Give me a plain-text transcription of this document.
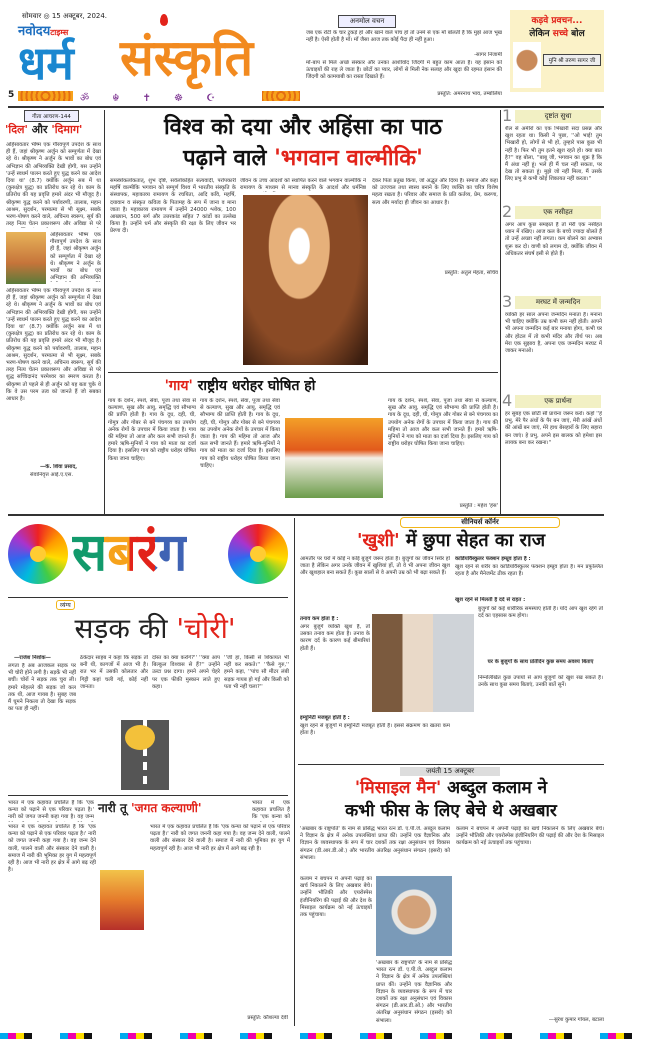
सोमवार ◎ 15 अक्टूबर, 2024.
नवोदयटाइम्स
धर्म संस्कृति
5	ॐ ☬ ✝ ☸ ☪
अनमोल वचन
जब एक रोटी के चार टुकड़े हों और खाने वाले पांच हों तो उनमें से एक माँ बोलती है कि मुझे आज भूख नहीं है। ऐसी होती है माँ। माँ जैसा आज तक कोई पैदा ही नहीं हुआ।
-सागर निजामी
माँ-बाप से मिले अच्छे संस्कार और उनका आशीर्वाद जिंदगी में बहुत काम आता है। यह इंसान को ऊंचाइयों की राह ले जाता है। छोटों का प्यार, लोगों से मिली नेक सलाह और खुदा की रहमत इंसान की जिंदगी को कामयाबी का रास्ता दिखाते हैं।
प्रस्तुति: अमरनाथ भाव, तम्बोलिया
कड़वे प्रवचन...
लेकिन सच्चे बोल
मुनि श्री तरुण सागर जी
गीता आचरण-144
'दिल' और 'दिमाग'
अहिंसावतार भीष्म एक गौरवपूर्ण उपदेश के साथ ही हैं, जहां श्रीकृष्ण अर्जुन को सम्पूर्णता में देखा रहे थे। श्रीकृष्ण ने अर्जुन के भावों का बोध एवं अभिज्ञान की अभिव्यक्ति देखी होगी, यस उन्होंने 'उन्हें स्वधर्म पालन करते हुए युद्ध करने का आदेश दिया था' (8.7) क्योंकि अर्जुन सब में था (कुरुक्षेत्र युद्ध) का प्रतिरोध कर रहे थे। काम के प्रतिरोध की यह प्रवृत्ति हमारे अंदर भी मौजूद है। श्रीकृष्ण युद्ध करने को पर्यावरणी, तालाब, महान आश्रम, सुदर्शन, परमात्मा से भी सूक्ष्म, सबके भरण-पोषण करने वाले, अचिन्त्य स्वरूप, सूर्य की तरह नित्य चेतन प्रकाशरूप और अविद्या से परे
अहिंसावतार भीष्म एक गौरवपूर्ण उपदेश के साथ ही हैं, जहां श्रीकृष्ण अर्जुन को सम्पूर्णता में देखा रहे थे। श्रीकृष्ण ने अर्जुन के भावों का बोध एवं अभिज्ञान की अभिव्यक्ति
अहिंसावतार भीष्म एक गौरवपूर्ण उपदेश के साथ ही हैं, जहां श्रीकृष्ण अर्जुन को सम्पूर्णता में देखा रहे थे। श्रीकृष्ण ने अर्जुन के भावों का बोध एवं अभिज्ञान की अभिव्यक्ति देखी होगी, यस उन्होंने 'उन्हें स्वधर्म पालन करते हुए युद्ध करने का आदेश दिया था' (8.7) क्योंकि अर्जुन सब में था (कुरुक्षेत्र युद्ध) का प्रतिरोध कर रहे थे। काम के प्रतिरोध की यह प्रवृत्ति हमारे अंदर भी मौजूद है। श्रीकृष्ण युद्ध करने को पर्यावरणी, तालाब, महान आश्रम, सुदर्शन, परमात्मा से भी सूक्ष्म, सबके भरण-पोषण करने वाले, अचिन्त्य स्वरूप, सूर्य की तरह नित्य चेतन प्रकाशरूप और अविद्या से परे शुद्ध सच्चिदानंद परमेश्वर का स्मरण करता है। श्रीकृष्ण तो पहले से ही अर्जुन को यह बता चुके थे कि वे उस परम तत्व को जानते हैं जो सबका आधार है।
—के. शिवा प्रसाद,
सेवानिवृत्त आई.ए.एस.
विश्व को दया और अहिंसा का पाठ
पढ़ाने वाले 'भगवान वाल्मीकि'
समस्त्रोकलोकतात्, शुभ दृष्टि, सर्वलोकहित सत्यवादी, परोपकारी महर्षि वाल्मीकि भगवान को सम्पूर्ण विश्व में भारतीय संस्कृति के संस्थापक, महाकाव्य रामायण के रचयिता, आदि कवि, महर्षि, दयावान व संस्कृत कवित्व के पितामह के रूप में जाना व माना जाता है। महाकाव्य रामायण में उन्होंने 24000 श्लोक, 100 आख्यान, 500 सर्ग और उत्तरकांड सहित 7 कांडों का उल्लेख किया है। उन्होंने धर्म और संस्कृति की रक्षा के लिए जीवन भर प्रेरणा दी।
जीवन के उच्च आदर्शों को स्थापित करने वाले भगवान वाल्मीकि ने रामायण के माध्यम से मानव संस्कृति के आदर्श और धर्मनिष्ठ
देकर पिता प्रतुख किया, जो अद्भुत और दिव्य है। समाज और कहा को उज्ज्वल तथा स्वस्थ बनाने के लिए व्यक्ति का चरित्र विशेष महत्व रखता है। परिवार और समाज के प्रति कर्तव्य, प्रेम, करुणा, सत्य और मर्यादा ही जीवन का आधार है।
प्रस्तुति: अतुल मेहता, सचिव
'गाय' राष्ट्रीय धरोहर घोषित हो
गाय के दर्शन, स्पर्श, सेवा, पूजा तथा सेवा से कल्याण, सुख और आयु, समृद्धि एवं सौभाग्य की प्राप्ति होती है। गाय के दूध, दही, घी, गोमूत्र और गोबर से बने पंचगव्य का उपयोग अनेक रोगों के उपचार में किया जाता है। गाय की महिमा तो आज और कल सभी जानते हैं। हमारे ऋषि-मुनियों ने गाय को माता का दर्जा दिया है। इसलिए गाय को राष्ट्रीय धरोहर घोषित किया जाना चाहिए।
गाय के दर्शन, स्पर्श, सेवा, पूजा तथा सेवा से कल्याण, सुख और आयु, समृद्धि एवं सौभाग्य की प्राप्ति होती है। गाय के दूध, दही, घी, गोमूत्र और गोबर से बने पंचगव्य का उपयोग अनेक रोगों के उपचार में किया जाता है। गाय की महिमा तो आज और कल सभी जानते हैं। हमारे ऋषि-मुनियों ने गाय को माता का दर्जा दिया है। इसलिए गाय को राष्ट्रीय धरोहर घोषित किया जाना चाहिए।
गाय के दर्शन, स्पर्श, सेवा, पूजा तथा सेवा से कल्याण, सुख और आयु, समृद्धि एवं सौभाग्य की प्राप्ति होती है। गाय के दूध, दही, घी, गोमूत्र और गोबर से बने पंचगव्य का उपयोग अनेक रोगों के उपचार में किया जाता है। गाय की महिमा तो आज और कल सभी जानते हैं। हमारे ऋषि-मुनियों ने गाय को माता का दर्जा दिया है। इसलिए गाय को राष्ट्रीय धरोहर घोषित किया जाना चाहिए।
प्रस्तुति : महेश 'हंस'
1	दृष्टांत सुधा
शैल से अमीरों का एक भिखारी सदा प्रसन्न और खुश रहता था। किसी ने पूछा, ''ओ भाई! तुम भिखारी हो, लोगों से भी हो, तुम्हारे पास कुछ भी नहीं है। फिर भी तुम इतने खुश रहते हो। क्या बात है?'' वह बोला, ''बाबू जी, भगवान का शुक्र है कि मैं अंधा नहीं हूं। भले ही मैं चल नहीं सकता, पर देख तो सकता हूं। मुझे जो नहीं मिला, मैं उसके लिए प्रभु से कभी कोई शिकायत नहीं करता।''
2	एक नसीहत
अगर आप कुछ समझते हैं तो मेरी एक नसीहत ध्यान में रखिए। आज कल के बच्चे ज्यादा बोलते हैं तो उन्हें अच्छा नहीं लगता। कम बोलने का अभ्यास शुरू कर दो। वाणी को लगाम दो, क्योंकि जीवन में अधिकतर संघर्ष इसी से होते हैं।
3	मरघट में जन्मदिन
व्यक्ति हर साल अपना जन्मदिन मनाता है। मनाना भी चाहिए क्योंकि उम्र कभी कम नहीं होती। आपने भी अपना जन्मदिन कई बार मनाया होगा, कभी घर और होटल में तो कभी मंदिर और तीर्थ पर। अब मेरा एक सुझाव है, अपना एक जन्मदिन मरघट में जाकर मनाओ।
4	एक प्रार्थना
हर सुबह एक छोटी सी प्रार्थना जरूर करो। कहो ''हे प्रभु, मेरे पैर अंधों के पैर बन जाएं, मेरी आंखें अंधों की आंखें बन जाएं, मेरे हाथ बेसहारों के लिए सहारा बन जाएं। हे प्रभु, अपने इस बालक को हमेशा इस लायक बना कर रखना।''
सबरंग
व्यंग्य
सड़क की 'चोरी'
—राजेश निशोक—
लगता है अब आजकल सड़क पर भी चोरी होने लगी है। सड़कें भी नहीं बचीं। चोरों ने सड़क तक चुरा ली। हमारे मोहल्ले की सड़क जो कल तक थी, आज गायब है। सुबह जब मैं घूमने निकला तो देखा कि सड़क का पता ही नहीं।
ठेकेदार साहब ने कहा कि सड़क तो बनी थी, कागजों में आज भी है। रात भर में उसकी कोलतार और गिट्टी कहां चली गई, कोई नहीं जानता।
दोस्त का क्या करोगे?'' ''क्या आप बिल्कुल विश्वास से हैं?'' उन्होंने उल्टा प्रश्न दागा। हमने अपने चेहरे पर एक फीकी मुस्कान लाते हुए कहा।
''जी हां, किसी से शिकायत भी नहीं कर सकते।'' ''कैसे गुरु,'' हमने कहा, ''पांच सौ मीटर लंबी सड़क गायब हो गई और किसी को पता भी नहीं चला?''
भारत में एक कहावत प्रचलित है कि 'एक कन्या को पढ़ाने से एक परिवार पढ़ता है।' नारी को जगत जननी कहा गया है। वह जन्म
नारी तू 'जगत कल्याणी'	भारत में एक कहावत प्रचलित है कि 'एक कन्या को
भारत में एक कहावत प्रचलित है कि 'एक कन्या को पढ़ाने से एक परिवार पढ़ता है।' नारी को जगत जननी कहा गया है। वह जन्म देने वाली, पालने वाली और संस्कार देने वाली है। समाज में नारी की भूमिका हर युग में महत्वपूर्ण रही है। आज भी नारी हर क्षेत्र में आगे बढ़ रही है।
भारत में एक कहावत प्रचलित है कि 'एक कन्या को पढ़ाने से एक परिवार पढ़ता है।' नारी को जगत जननी कहा गया है। वह जन्म देने वाली, पालने वाली और संस्कार देने वाली है। समाज में नारी की भूमिका हर युग में महत्वपूर्ण रही है। आज भी नारी हर क्षेत्र में आगे बढ़ रही है।
प्रस्तुति: कौशल्या देवी
सीनियर्स कॉर्नर
'खुशी' में छुपा सेहत का राज
आमतौर पर घरों में कोई न कोई बुजुर्ग जरूर होता है। बुजुर्गों का जीवन स्थिर हो जाता है लेकिन अगर उनके जीवन में खुशियां हों, तो वे भी अपना जीवन खुश और खुशहाल बना सकते हैं। कुछ सालों से वे अपनी उम्र को भी बढ़ा सकते हैं।
तनाव कम होता है :
अगर बुजुर्ग व्यक्ति खुश है, तो उसका तनाव कम होता है। तनाव के कारण दर्द के कारण कई बीमारियां होती हैं।
इम्युनिटी मजबूत होती है :
खुश रहने से बुजुर्गों में इम्युनिटी मजबूत होती है। इससे संक्रमण का खतरा कम होता है।
कार्डियोवैस्कुलर फंक्शन इम्प्रूव होता है :
खुश रहने से शरीर का कार्डियोवैस्कुलर फंक्शन इम्प्रूव होता है। मन प्रफुल्लित रहता है और मैनेजमेंट ठीक रहता है।
खुश रहने से मिलती है दर्द से राहत :
बुजुर्गों को कई शारीरिक समस्याएं होती हैं। यदि आप खुश रहेंगे तो दर्द का एहसास कम होगा।
घर के बुजुर्गों के साथ प्रतिदिन कुछ समय अवश्य बिताएं
निम्नलिखित कुछ उपायों से आप बुजुर्गों को खुश रख सकते हैं। उनके साथ कुछ समय बिताएं, उनकी बातें सुनें।
जयंती 15 अक्टूबर
'मिसाइल मैन' अब्दुल कलाम ने
कभी फीस के लिए बेचे थे अखबार
'अखबार के राष्ट्रपति' के नाम से प्रसिद्ध भारत रत्न डॉ. ए.पी.जे. अब्दुल कलाम ने विज्ञान के क्षेत्र में अनेक उपलब्धियां प्राप्त कीं। उन्होंने एक वैज्ञानिक और विज्ञान के व्यवस्थापक के रूप में चार दशकों तक रक्षा अनुसंधान एवं विकास संगठन (डी.आर.डी.ओ.) और भारतीय अंतरिक्ष अनुसंधान संगठन (इसरो) को संभाला।
कलाम ने बचपन में अपनी पढ़ाई का खर्च निकालने के लिए अखबार बेचे। उन्होंने भौतिकी और एयरोस्पेस इंजीनियरिंग की पढ़ाई की और देश के मिसाइल कार्यक्रम को नई ऊंचाइयों तक पहुंचाया।
'अखबार के राष्ट्रपति' के नाम से प्रसिद्ध भारत रत्न डॉ. ए.पी.जे. अब्दुल कलाम ने विज्ञान के क्षेत्र में अनेक उपलब्धियां प्राप्त कीं। उन्होंने एक वैज्ञानिक और विज्ञान के व्यवस्थापक के रूप में चार दशकों तक रक्षा अनुसंधान एवं विकास संगठन (डी.आर.डी.ओ.) और भारतीय अंतरिक्ष अनुसंधान संगठन (इसरो) को संभाला।
कलाम ने बचपन में अपनी पढ़ाई का खर्च निकालने के लिए अखबार बेचे। उन्होंने भौतिकी और एयरोस्पेस इंजीनियरिंग की पढ़ाई की और देश के मिसाइल कार्यक्रम को नई ऊंचाइयों तक पहुंचाया।
—सुरेश कुमार गोयल, बटाला
